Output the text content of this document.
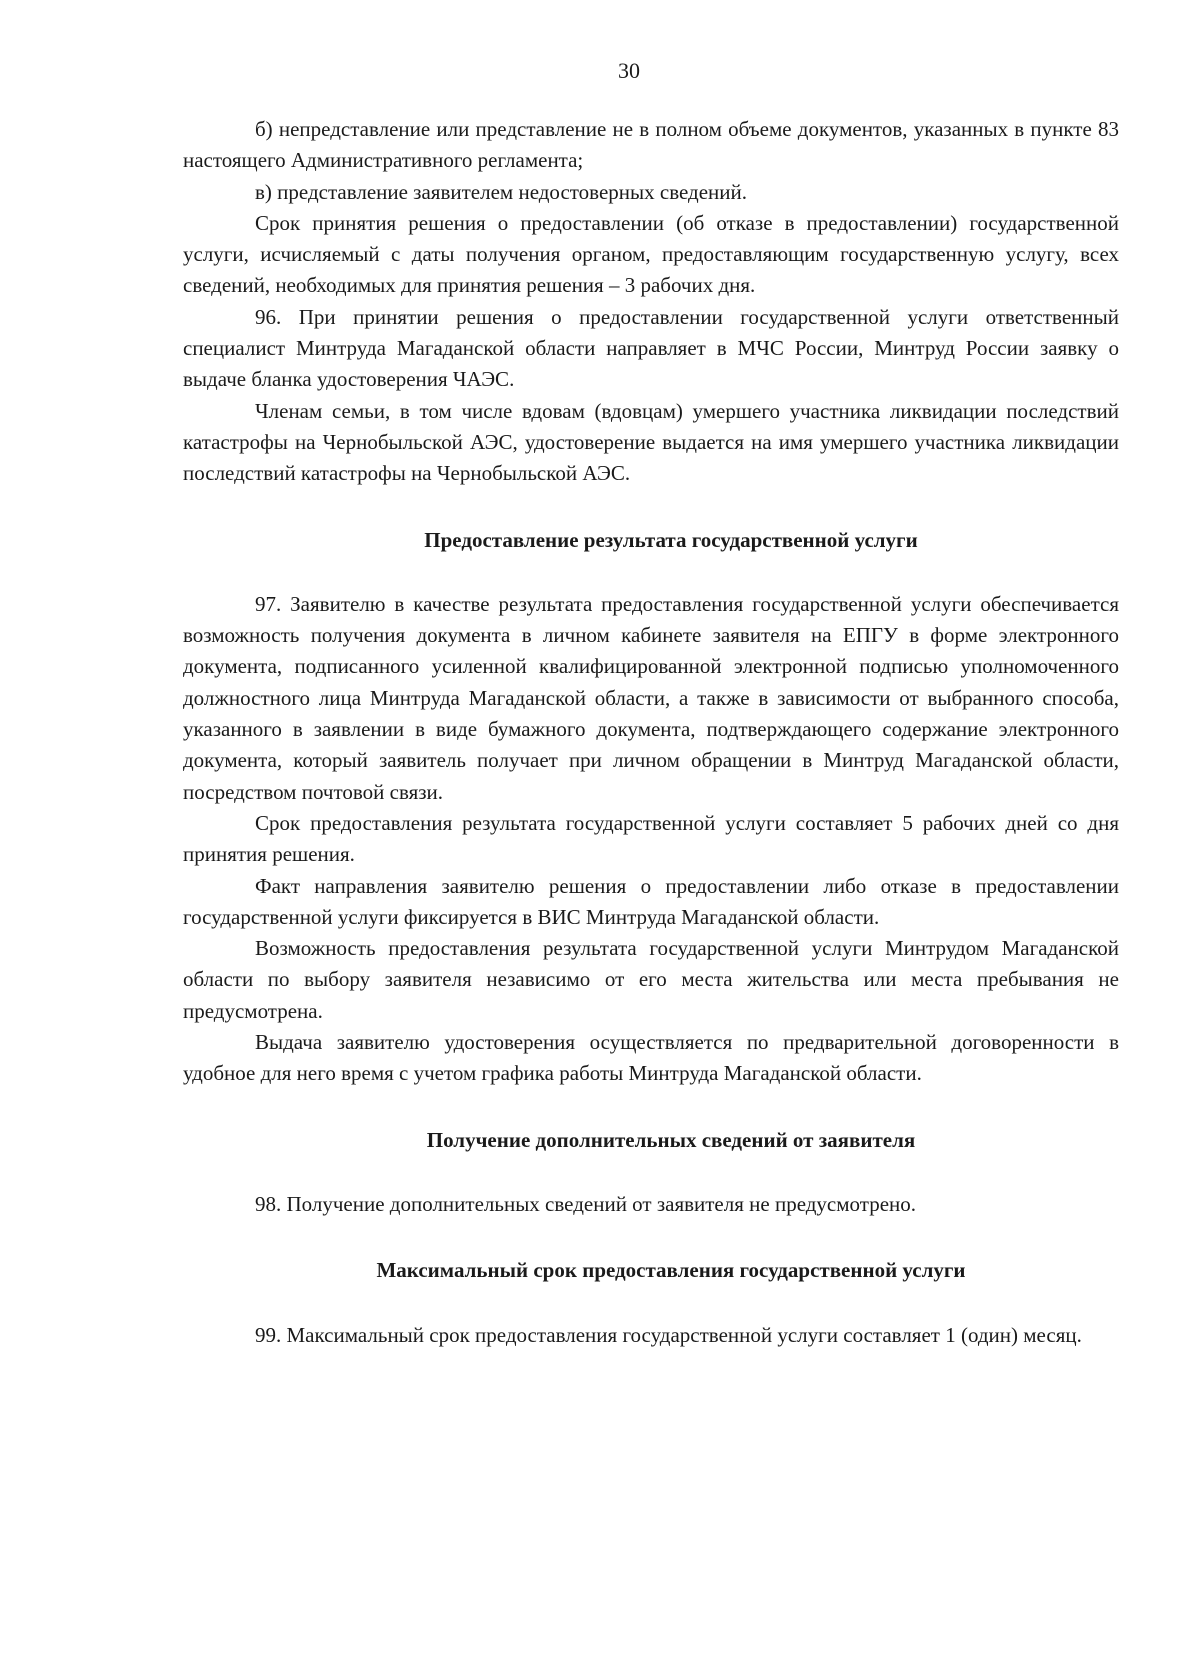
30

б) непредставление или представление не в полном объеме документов, указанных в пункте 83 настоящего Административного регламента;

в) представление заявителем недостоверных сведений.

Срок принятия решения о предоставлении (об отказе в предоставлении) государственной услуги, исчисляемый с даты получения органом, предоставляющим государственную услугу, всех сведений, необходимых для принятия решения – 3 рабочих дня.

96. При принятии решения о предоставлении государственной услуги ответственный специалист Минтруда Магаданской области направляет в МЧС России, Минтруд России заявку о выдаче бланка удостоверения ЧАЭС.

Членам семьи, в том числе вдовам (вдовцам) умершего участника ликвидации последствий катастрофы на Чернобыльской АЭС, удостоверение выдается на имя умершего участника ликвидации последствий катастрофы на Чернобыльской АЭС.

Предоставление результата государственной услуги

97. Заявителю в качестве результата предоставления государственной услуги обеспечивается возможность получения документа в личном кабинете заявителя на ЕПГУ в форме электронного документа, подписанного усиленной квалифицированной электронной подписью уполномоченного должностного лица Минтруда Магаданской области, а также в зависимости от выбранного способа, указанного в заявлении в виде бумажного документа, подтверждающего содержание электронного документа, который заявитель получает при личном обращении в Минтруд Магаданской области, посредством почтовой связи.

Срок предоставления результата государственной услуги составляет 5 рабочих дней со дня принятия решения.

Факт направления заявителю решения о предоставлении либо отказе в предоставлении государственной услуги фиксируется в ВИС Минтруда Магаданской области.

Возможность предоставления результата государственной услуги Минтрудом Магаданской области по выбору заявителя независимо от его места жительства или места пребывания не предусмотрена.

Выдача заявителю удостоверения осуществляется по предварительной договоренности в удобное для него время с учетом графика работы Минтруда Магаданской области.

Получение дополнительных сведений от заявителя

98. Получение дополнительных сведений от заявителя не предусмотрено.

Максимальный срок предоставления государственной услуги

99. Максимальный срок предоставления государственной услуги составляет 1 (один) месяц.
